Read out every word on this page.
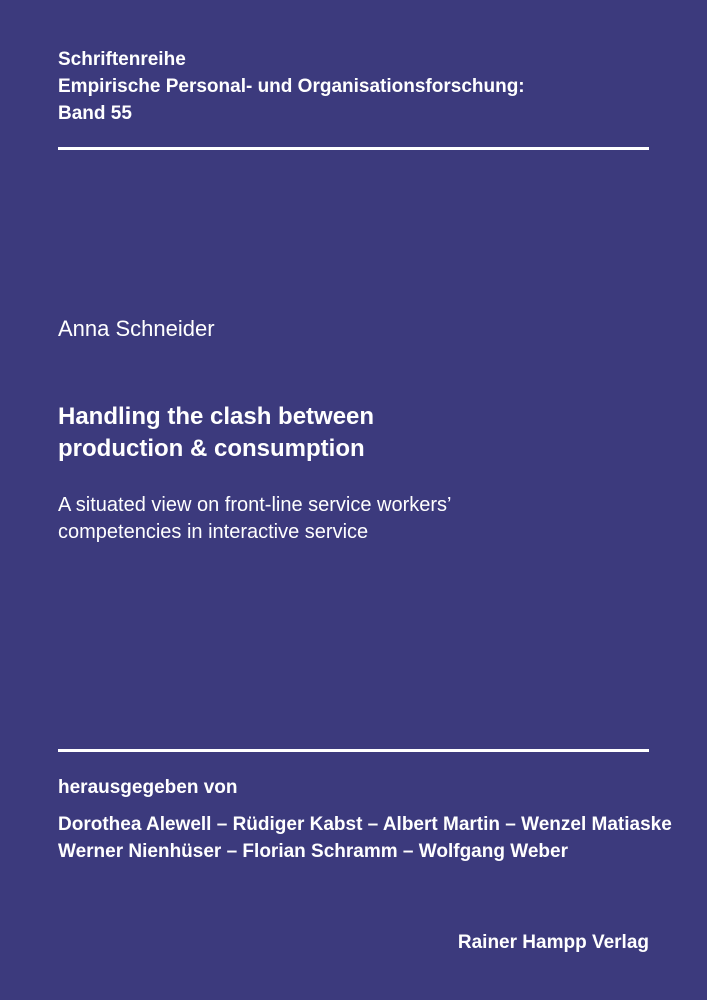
Schriftenreihe
Empirische Personal- und Organisationsforschung:
Band 55
Anna Schneider
Handling the clash between
production & consumption
A situated view on front-line service workers’
competencies in interactive service
herausgegeben von
Dorothea Alewell – Rüdiger Kabst – Albert Martin – Wenzel Matiaske
Werner Nienhüser – Florian Schramm – Wolfgang Weber
Rainer Hampp Verlag
